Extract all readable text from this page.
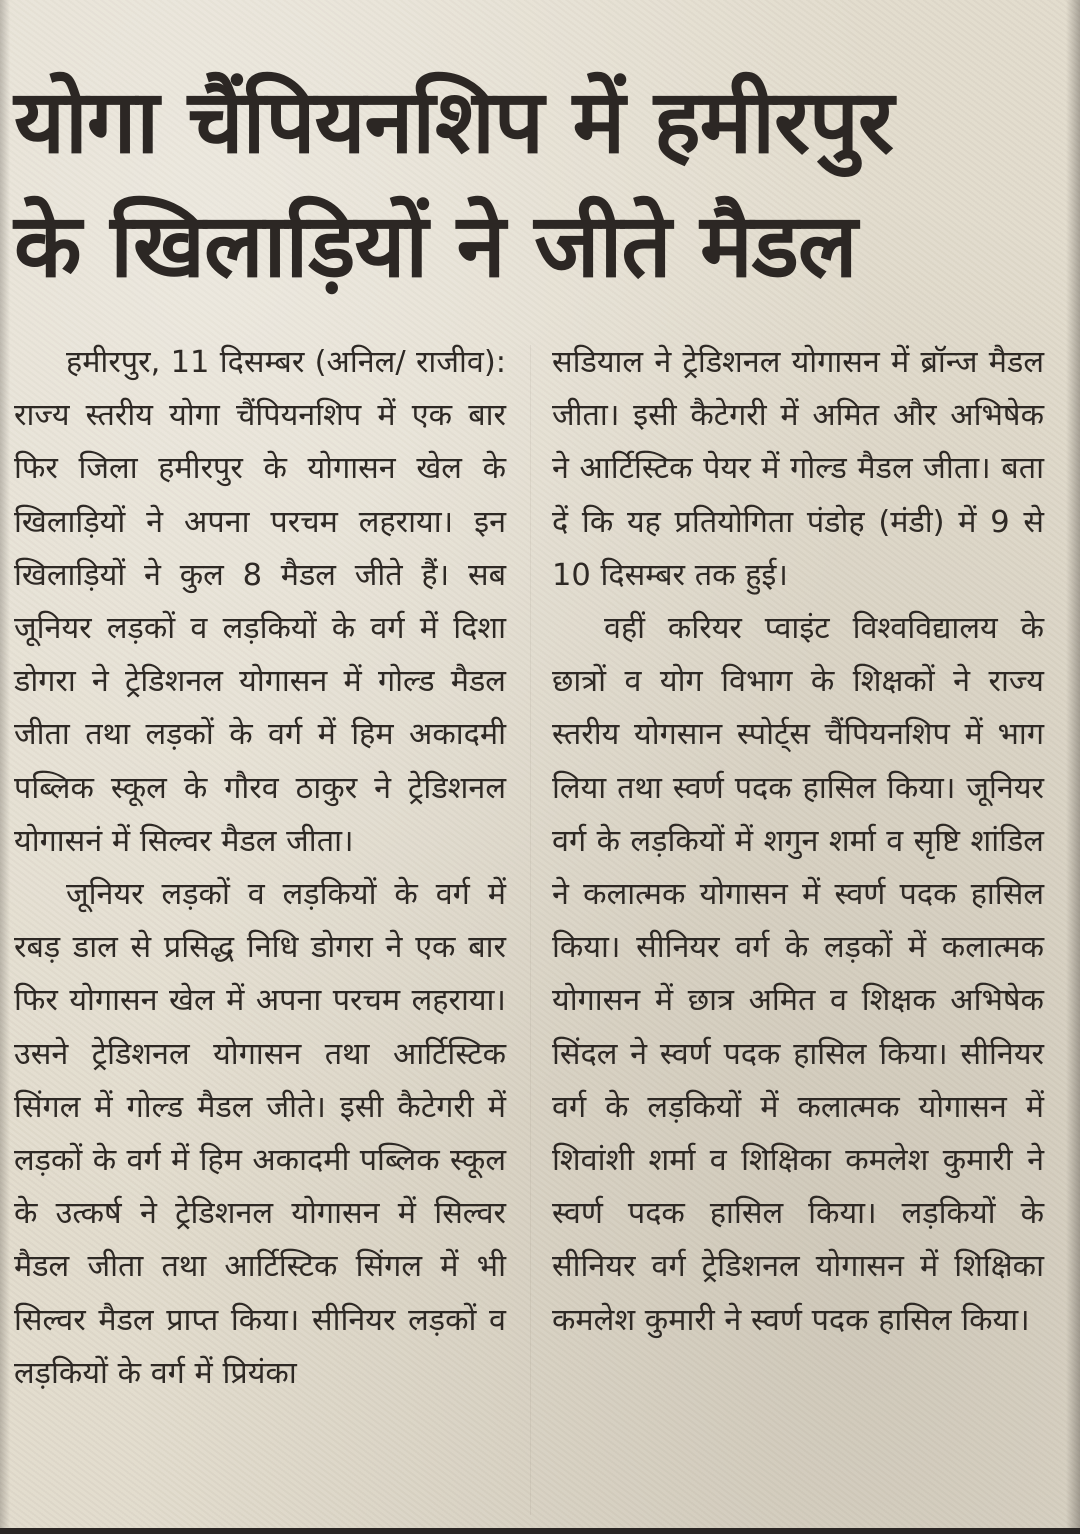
योगा चैंपियनशिप में हमीरपुर
के खिलाड़ियों ने जीते मैडल

हमीरपुर, 11 दिसम्बर (अनिल/ राजीव): राज्य स्तरीय योगा चैंपियनशिप में एक बार फिर जिला हमीरपुर के योगासन खेल के खिलाड़ियों ने अपना परचम लहराया। इन खिलाड़ियों ने कुल 8 मैडल जीते हैं। सब जूनियर लड़कों व लड़कियों के वर्ग में दिशा डोगरा ने ट्रेडिशनल योगासन में गोल्ड मैडल जीता तथा लड़कों के वर्ग में हिम अकादमी पब्लिक स्कूल के गौरव ठाकुर ने ट्रेडिशनल योगासनं में सिल्वर मैडल जीता।

जूनियर लड़कों व लड़कियों के वर्ग में रबड़ डाल से प्रसिद्ध निधि डोगरा ने एक बार फिर योगासन खेल में अपना परचम लहराया। उसने ट्रेडिशनल योगासन तथा आर्टिस्टिक सिंगल में गोल्ड मैडल जीते। इसी कैटेगरी में लड़कों के वर्ग में हिम अकादमी पब्लिक स्कूल के उत्कर्ष ने ट्रेडिशनल योगासन में सिल्वर मैडल जीता तथा आर्टिस्टिक सिंगल में भी सिल्वर मैडल प्राप्त किया। सीनियर लड़कों व लड़कियों के वर्ग में प्रियंका

सडियाल ने ट्रेडिशनल योगासन में ब्रॉन्ज मैडल जीता। इसी कैटेगरी में अमित और अभिषेक ने आर्टिस्टिक पेयर में गोल्ड मैडल जीता। बता दें कि यह प्रतियोगिता पंडोह (मंडी) में 9 से 10 दिसम्बर तक हुई।

वहीं करियर प्वाइंट विश्वविद्यालय के छात्रों व योग विभाग के शिक्षकों ने राज्य स्तरीय योगसान स्पोर्ट्स चैंपियनशिप में भाग लिया तथा स्वर्ण पदक हासिल किया। जूनियर वर्ग के लड़कियों में शगुन शर्मा व सृष्टि शांडिल ने कलात्मक योगासन में स्वर्ण पदक हासिल किया। सीनियर वर्ग के लड़कों में कलात्मक योगासन में छात्र अमित व शिक्षक अभिषेक सिंदल ने स्वर्ण पदक हासिल किया। सीनियर वर्ग के लड़कियों में कलात्मक योगासन में शिवांशी शर्मा व शिक्षिका कमलेश कुमारी ने स्वर्ण पदक हासिल किया। लड़कियों के सीनियर वर्ग ट्रेडिशनल योगासन में शिक्षिका कमलेश कुमारी ने स्वर्ण पदक हासिल किया।
